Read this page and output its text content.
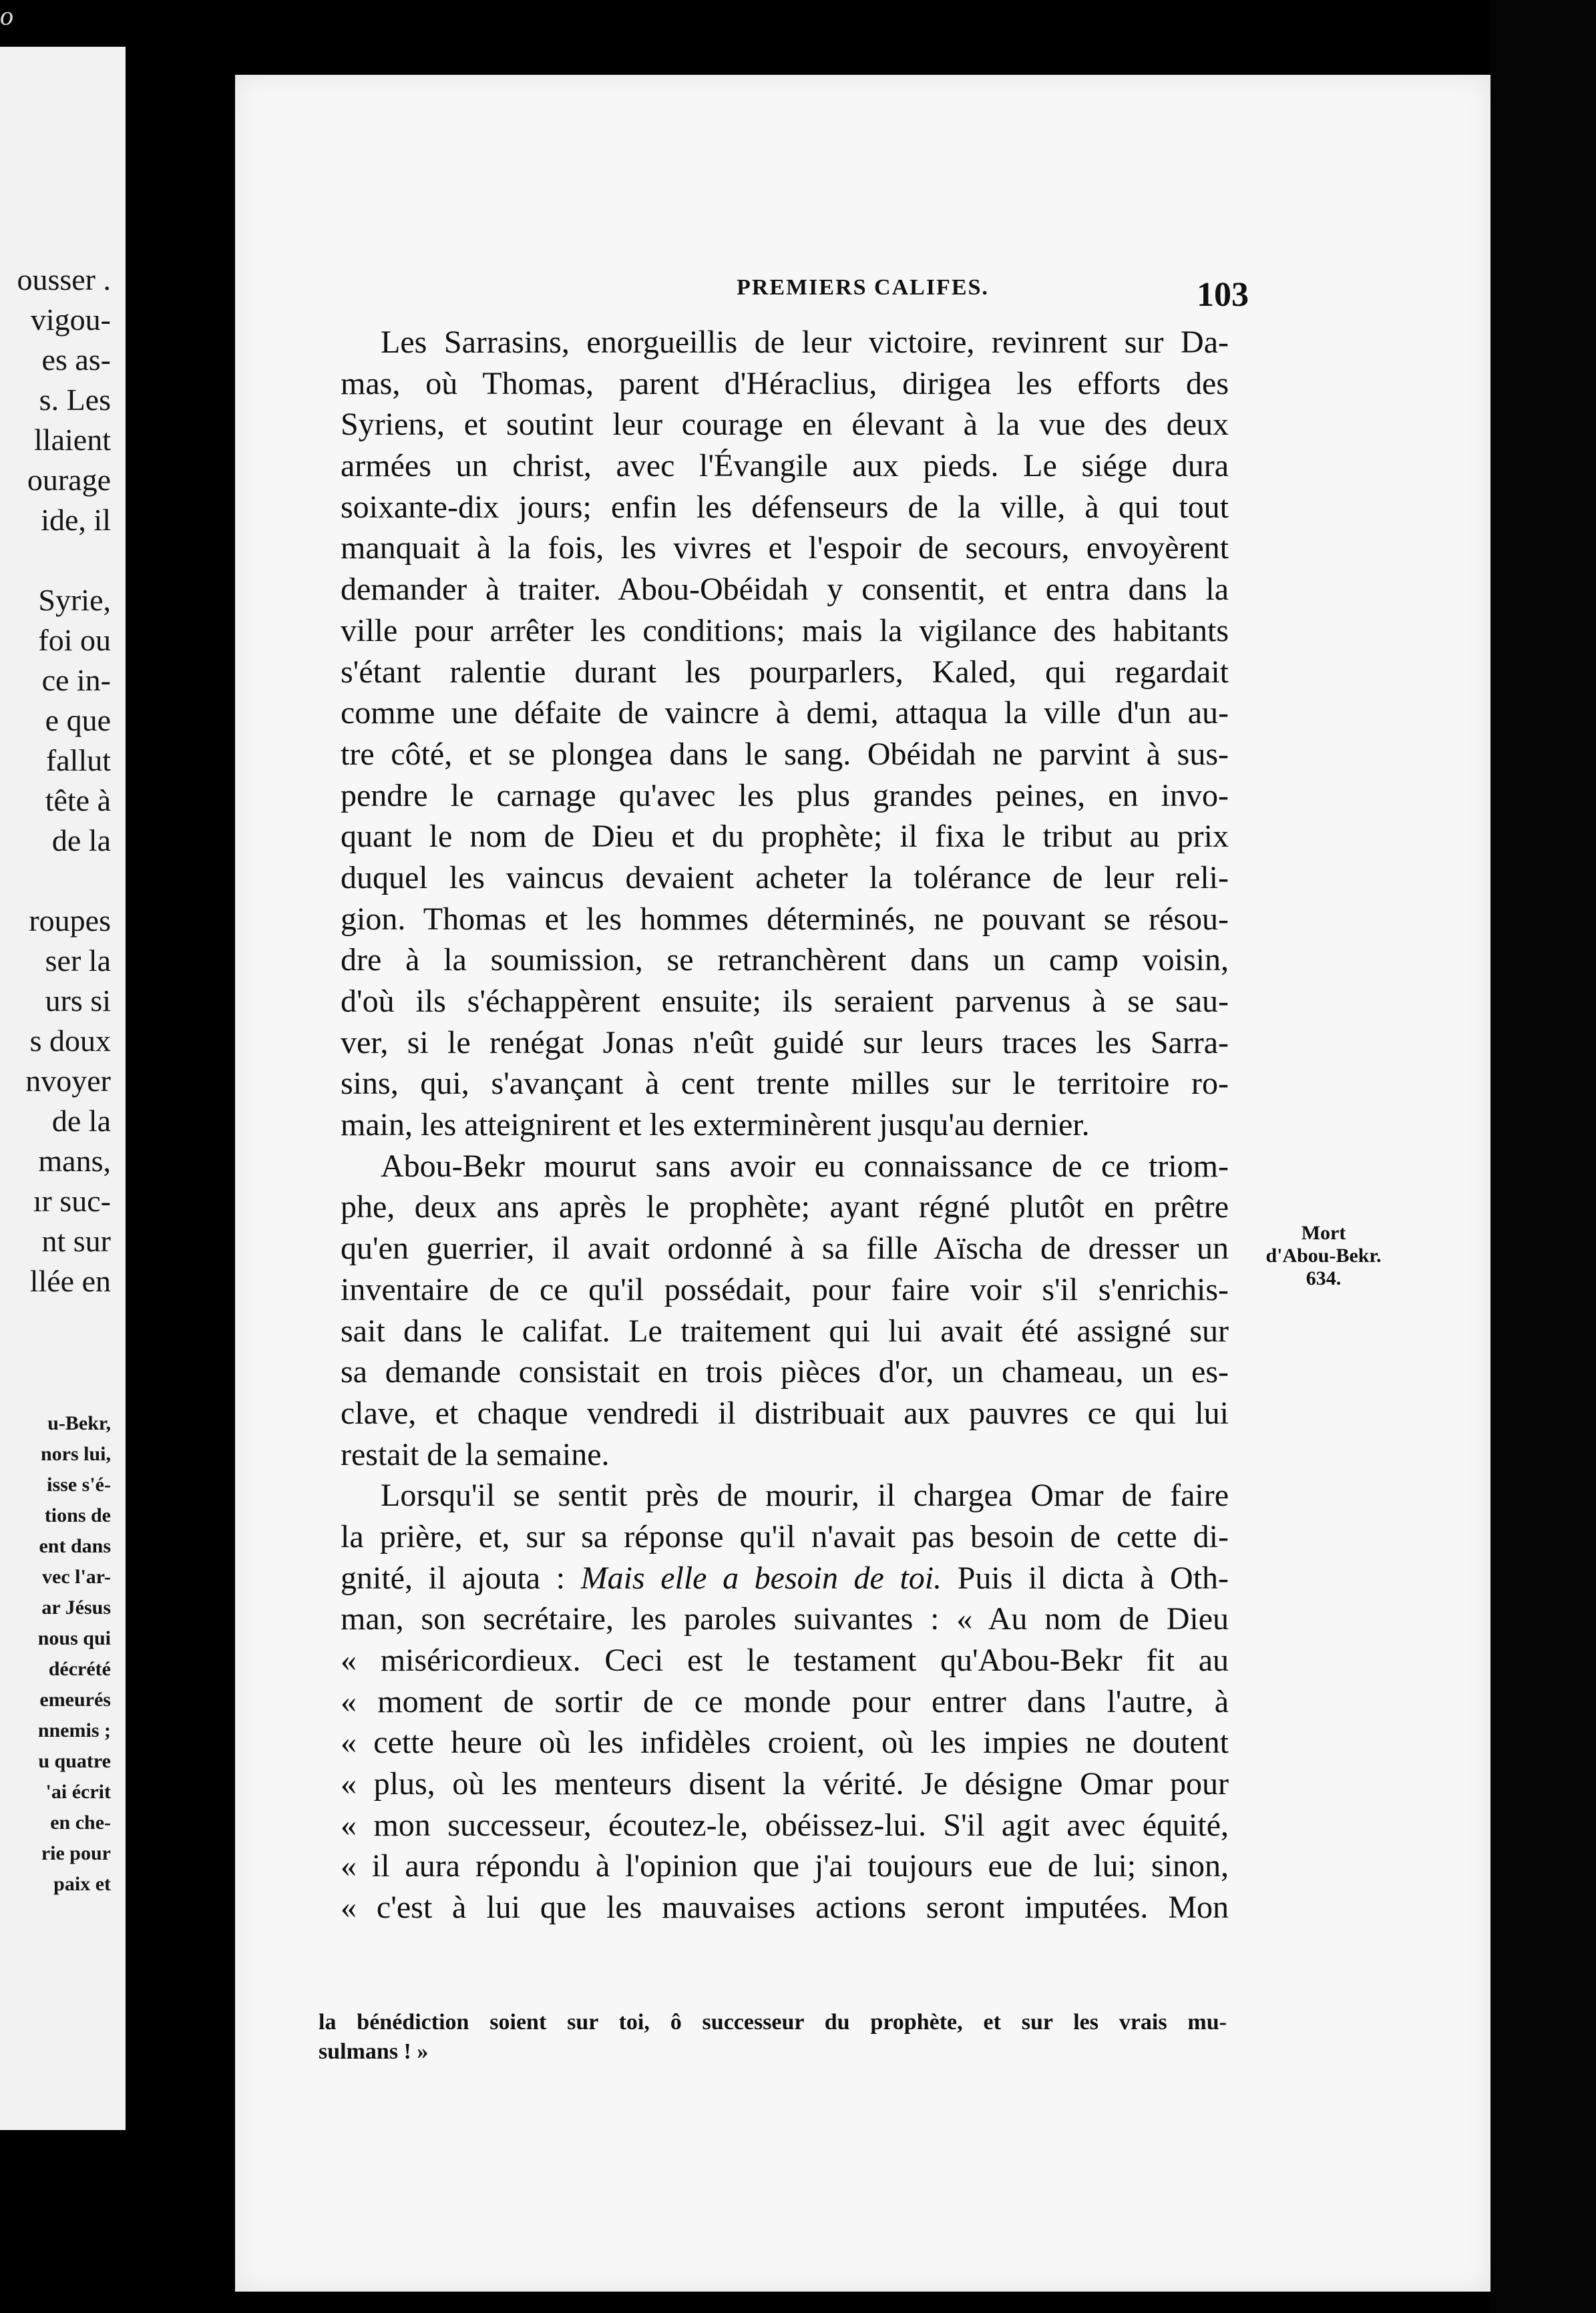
o
ousser .
vigou-
es as-
s. Les
llaient
ourage
ide, il
Syrie,
foi ou
ce in-
e que
fallut
tête à
de la
roupes
ser la
urs si
s doux
nvoyer
de la
mans,
ır suc-
nt sur
llée en
u-Bekr,
nors lui,
isse s'é-
tions de
ent dans
vec l'ar-
ar Jésus
nous qui
décrété
emeurés
nnemis ;
u quatre
'ai écrit
en che-
rie pour
paix et
PREMIERS CALIFES.	103
Les Sarrasins, enorgueillis de leur victoire, revinrent sur Da-
mas, où Thomas, parent d'Héraclius, dirigea les efforts des
Syriens, et soutint leur courage en élevant à la vue des deux
armées un christ, avec l'Évangile aux pieds. Le siége dura
soixante-dix jours; enfin les défenseurs de la ville, à qui tout
manquait à la fois, les vivres et l'espoir de secours, envoyèrent
demander à traiter. Abou-Obéidah y consentit, et entra dans la
ville pour arrêter les conditions; mais la vigilance des habitants
s'étant ralentie durant les pourparlers, Kaled, qui regardait
comme une défaite de vaincre à demi, attaqua la ville d'un au-
tre côté, et se plongea dans le sang. Obéidah ne parvint à sus-
pendre le carnage qu'avec les plus grandes peines, en invo-
quant le nom de Dieu et du prophète; il fixa le tribut au prix
duquel les vaincus devaient acheter la tolérance de leur reli-
gion. Thomas et les hommes déterminés, ne pouvant se résou-
dre à la soumission, se retranchèrent dans un camp voisin,
d'où ils s'échappèrent ensuite; ils seraient parvenus à se sau-
ver, si le renégat Jonas n'eût guidé sur leurs traces les Sarra-
sins, qui, s'avançant à cent trente milles sur le territoire ro-
main, les atteignirent et les exterminèrent jusqu'au dernier.
Abou-Bekr mourut sans avoir eu connaissance de ce triom-
phe, deux ans après le prophète; ayant régné plutôt en prêtre
qu'en guerrier, il avait ordonné à sa fille Aïscha de dresser un
inventaire de ce qu'il possédait, pour faire voir s'il s'enrichis-
sait dans le califat. Le traitement qui lui avait été assigné sur
sa demande consistait en trois pièces d'or, un chameau, un es-
clave, et chaque vendredi il distribuait aux pauvres ce qui lui
restait de la semaine.
Lorsqu'il se sentit près de mourir, il chargea Omar de faire
la prière, et, sur sa réponse qu'il n'avait pas besoin de cette di-
gnité, il ajouta : Mais elle a besoin de toi. Puis il dicta à Oth-
man, son secrétaire, les paroles suivantes : « Au nom de Dieu
« miséricordieux. Ceci est le testament qu'Abou-Bekr fit au
« moment de sortir de ce monde pour entrer dans l'autre, à
« cette heure où les infidèles croient, où les impies ne doutent
« plus, où les menteurs disent la vérité. Je désigne Omar pour
« mon successeur, écoutez-le, obéissez-lui. S'il agit avec équité,
« il aura répondu à l'opinion que j'ai toujours eue de lui; sinon,
« c'est à lui que les mauvaises actions seront imputées. Mon
Mort
d'Abou-Bekr.
634.
la bénédiction soient sur toi, ô successeur du prophète, et sur les vrais mu-
sulmans ! »
